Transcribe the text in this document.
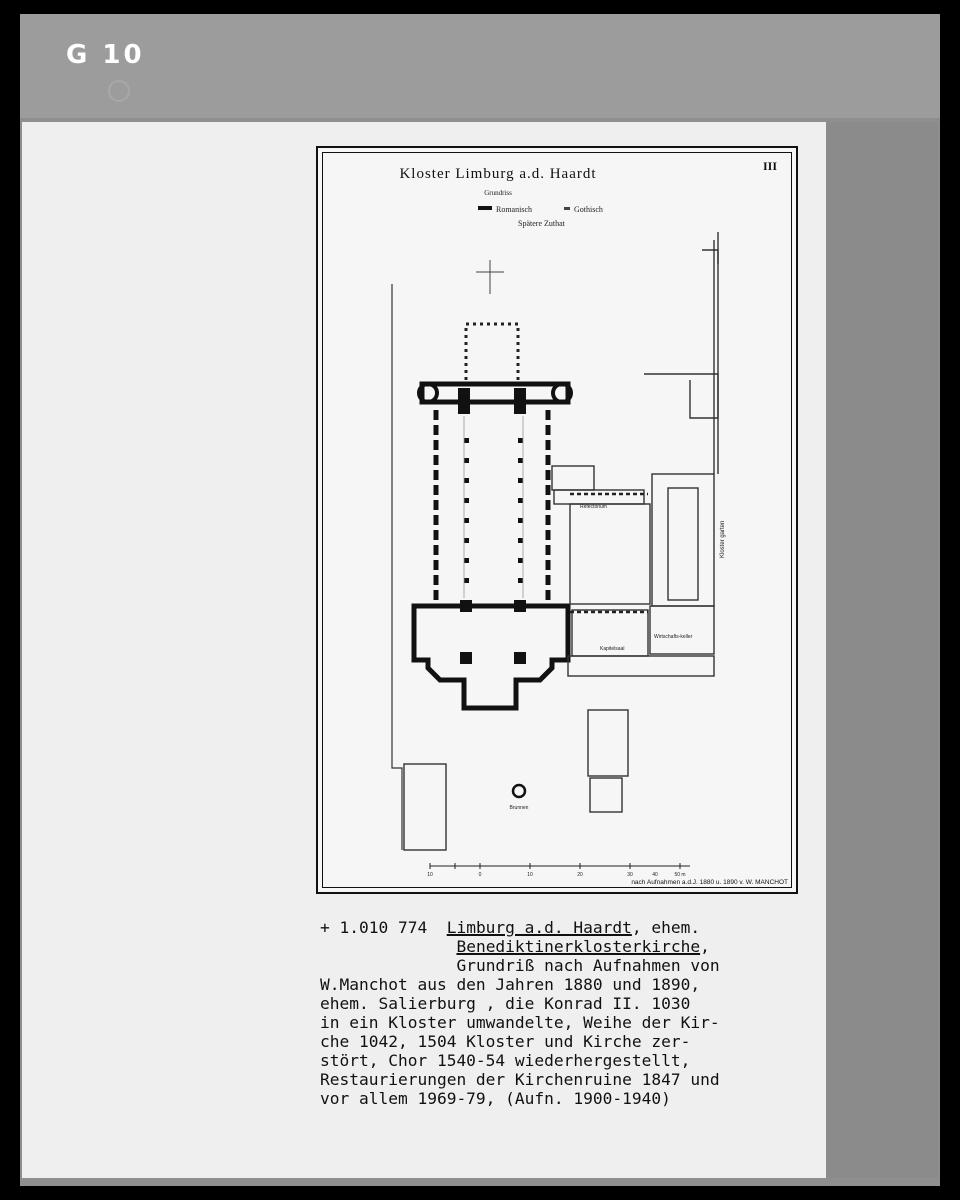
G 10
Kloster Limburg a.d. Haardt
Grundriss
III
Romanisch	Gothisch
Spätere Zuthat
Brunnen
Kloster garten
Kapitelsaal
Wirtschafts-keller
Refectorium
10	0	10	20	30	40	50 m
nach Aufnahmen a.d.J. 1880 u. 1890 v. W. MANCHOT
+ 1.010 774 Limburg a.d. Haardt, ehem.
Benediktinerklosterkirche,
Grundriß nach Aufnahmen von
W.Manchot aus den Jahren 1880 und 1890,
ehem. Salierburg , die Konrad II. 1030
in ein Kloster umwandelte, Weihe der Kir-
che 1042, 1504 Kloster und Kirche zer-
stört, Chor 1540-54 wiederhergestellt,
Restaurierungen der Kirchenruine 1847 und
vor allem 1969-79, (Aufn. 1900-1940)
